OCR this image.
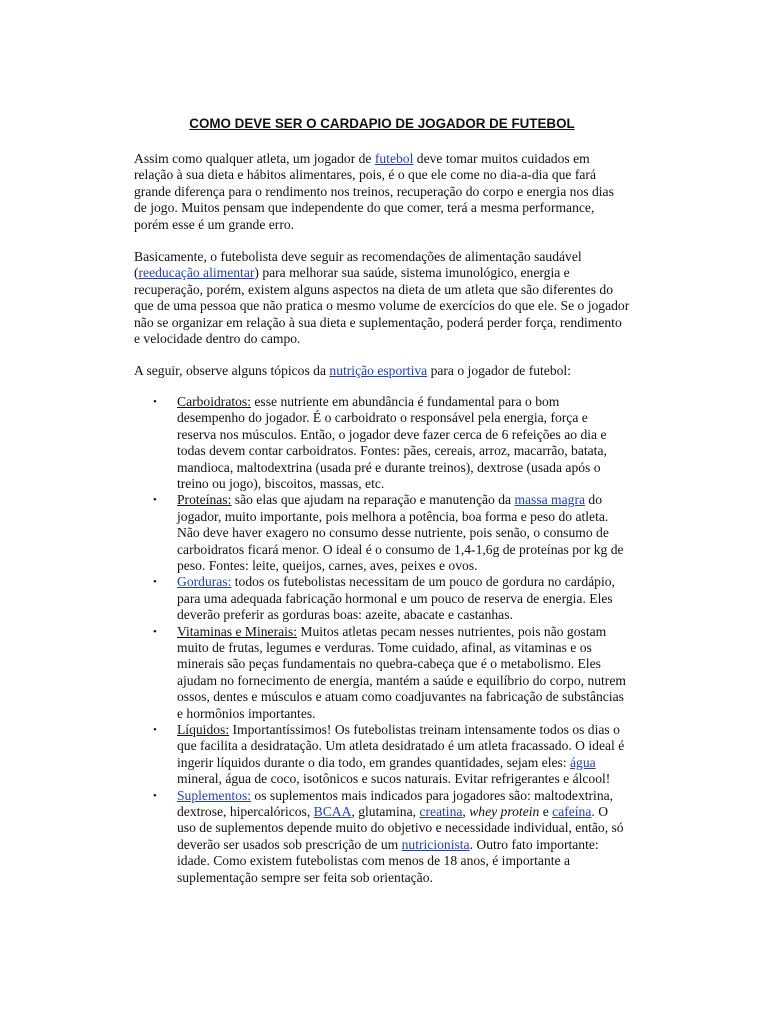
COMO DEVE SER O CARDAPIO DE JOGADOR DE FUTEBOL

Assim como qualquer atleta, um jogador de futebol deve tomar muitos cuidados em relação à sua dieta e hábitos alimentares, pois, é o que ele come no dia-a-dia que fará grande diferença para o rendimento nos treinos, recuperação do corpo e energia nos dias de jogo. Muitos pensam que independente do que comer, terá a mesma performance, porém esse é um grande erro.

Basicamente, o futebolista deve seguir as recomendações de alimentação saudável (reeducação alimentar) para melhorar sua saúde, sistema imunológico, energia e recuperação, porém, existem alguns aspectos na dieta de um atleta que são diferentes do que de uma pessoa que não pratica o mesmo volume de exercícios do que ele. Se o jogador não se organizar em relação à sua dieta e suplementação, poderá perder força, rendimento e velocidade dentro do campo.

A seguir, observe alguns tópicos da nutrição esportiva para o jogador de futebol:

• Carboidratos: esse nutriente em abundância é fundamental para o bom desempenho do jogador. É o carboidrato o responsável pela energia, força e reserva nos músculos. Então, o jogador deve fazer cerca de 6 refeições ao dia e todas devem contar carboidratos. Fontes: pães, cereais, arroz, macarrão, batata, mandioca, maltodextrina (usada pré e durante treinos), dextrose (usada após o treino ou jogo), biscoitos, massas, etc.
• Proteínas: são elas que ajudam na reparação e manutenção da massa magra do jogador, muito importante, pois melhora a potência, boa forma e peso do atleta. Não deve haver exagero no consumo desse nutriente, pois senão, o consumo de carboidratos ficará menor. O ideal é o consumo de 1,4-1,6g de proteínas por kg de peso. Fontes: leite, queijos, carnes, aves, peixes e ovos.
• Gorduras: todos os futebolistas necessitam de um pouco de gordura no cardápio, para uma adequada fabricação hormonal e um pouco de reserva de energia. Eles deverão preferir as gorduras boas: azeite, abacate e castanhas.
• Vitaminas e Minerais: Muitos atletas pecam nesses nutrientes, pois não gostam muito de frutas, legumes e verduras. Tome cuidado, afinal, as vitaminas e os minerais são peças fundamentais no quebra-cabeça que é o metabolismo. Eles ajudam no fornecimento de energia, mantém a saúde e equilíbrio do corpo, nutrem ossos, dentes e músculos e atuam como coadjuvantes na fabricação de substâncias e hormônios importantes.
• Líquidos: Importantíssimos! Os futebolistas treinam intensamente todos os dias o que facilita a desidratação. Um atleta desidratado é um atleta fracassado. O ideal é ingerir líquidos durante o dia todo, em grandes quantidades, sejam eles: água mineral, água de coco, isotônicos e sucos naturais. Evitar refrigerantes e álcool!
• Suplementos: os suplementos mais indicados para jogadores são: maltodextrina, dextrose, hipercalóricos, BCAA, glutamina, creatina, whey protein e cafeína. O uso de suplementos depende muito do objetivo e necessidade individual, então, só deverão ser usados sob prescrição de um nutricionista. Outro fato importante: idade. Como existem futebolistas com menos de 18 anos, é importante a suplementação sempre ser feita sob orientação.
